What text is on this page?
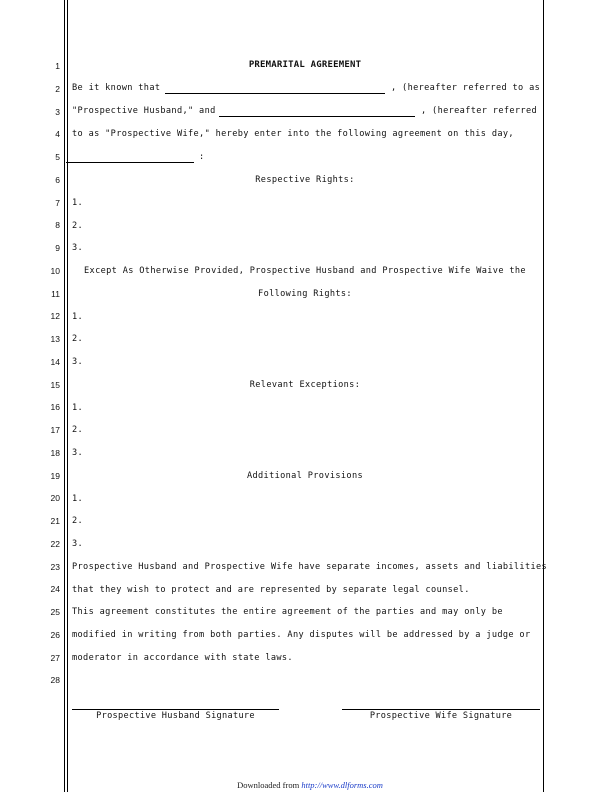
1
2
3
4
5
6
7
8
9
10
11
12
13
14
15
16
17
18
19
20
21
22
23
24
25
26
27
28
PREMARITAL AGREEMENT
Be it known that	, (hereafter referred to as
"Prospective Husband," and	, (hereafter referred
to as "Prospective Wife," hereby enter into the following agreement on this day,
:
Respective Rights:
1.
2.
3.
Except As Otherwise Provided, Prospective Husband and Prospective Wife Waive the
Following Rights:
1.
2.
3.
Relevant Exceptions:
1.
2.
3.
Additional Provisions
1.
2.
3.
Prospective Husband and Prospective Wife have separate incomes, assets and liabilities
that they wish to protect and are represented by separate legal counsel.
This agreement constitutes the entire agreement of the parties and may only be
modified in writing from both parties. Any disputes will be addressed by a judge or
moderator in accordance with state laws.
Prospective Husband Signature	Prospective Wife Signature
Downloaded from http://www.dlforms.com
